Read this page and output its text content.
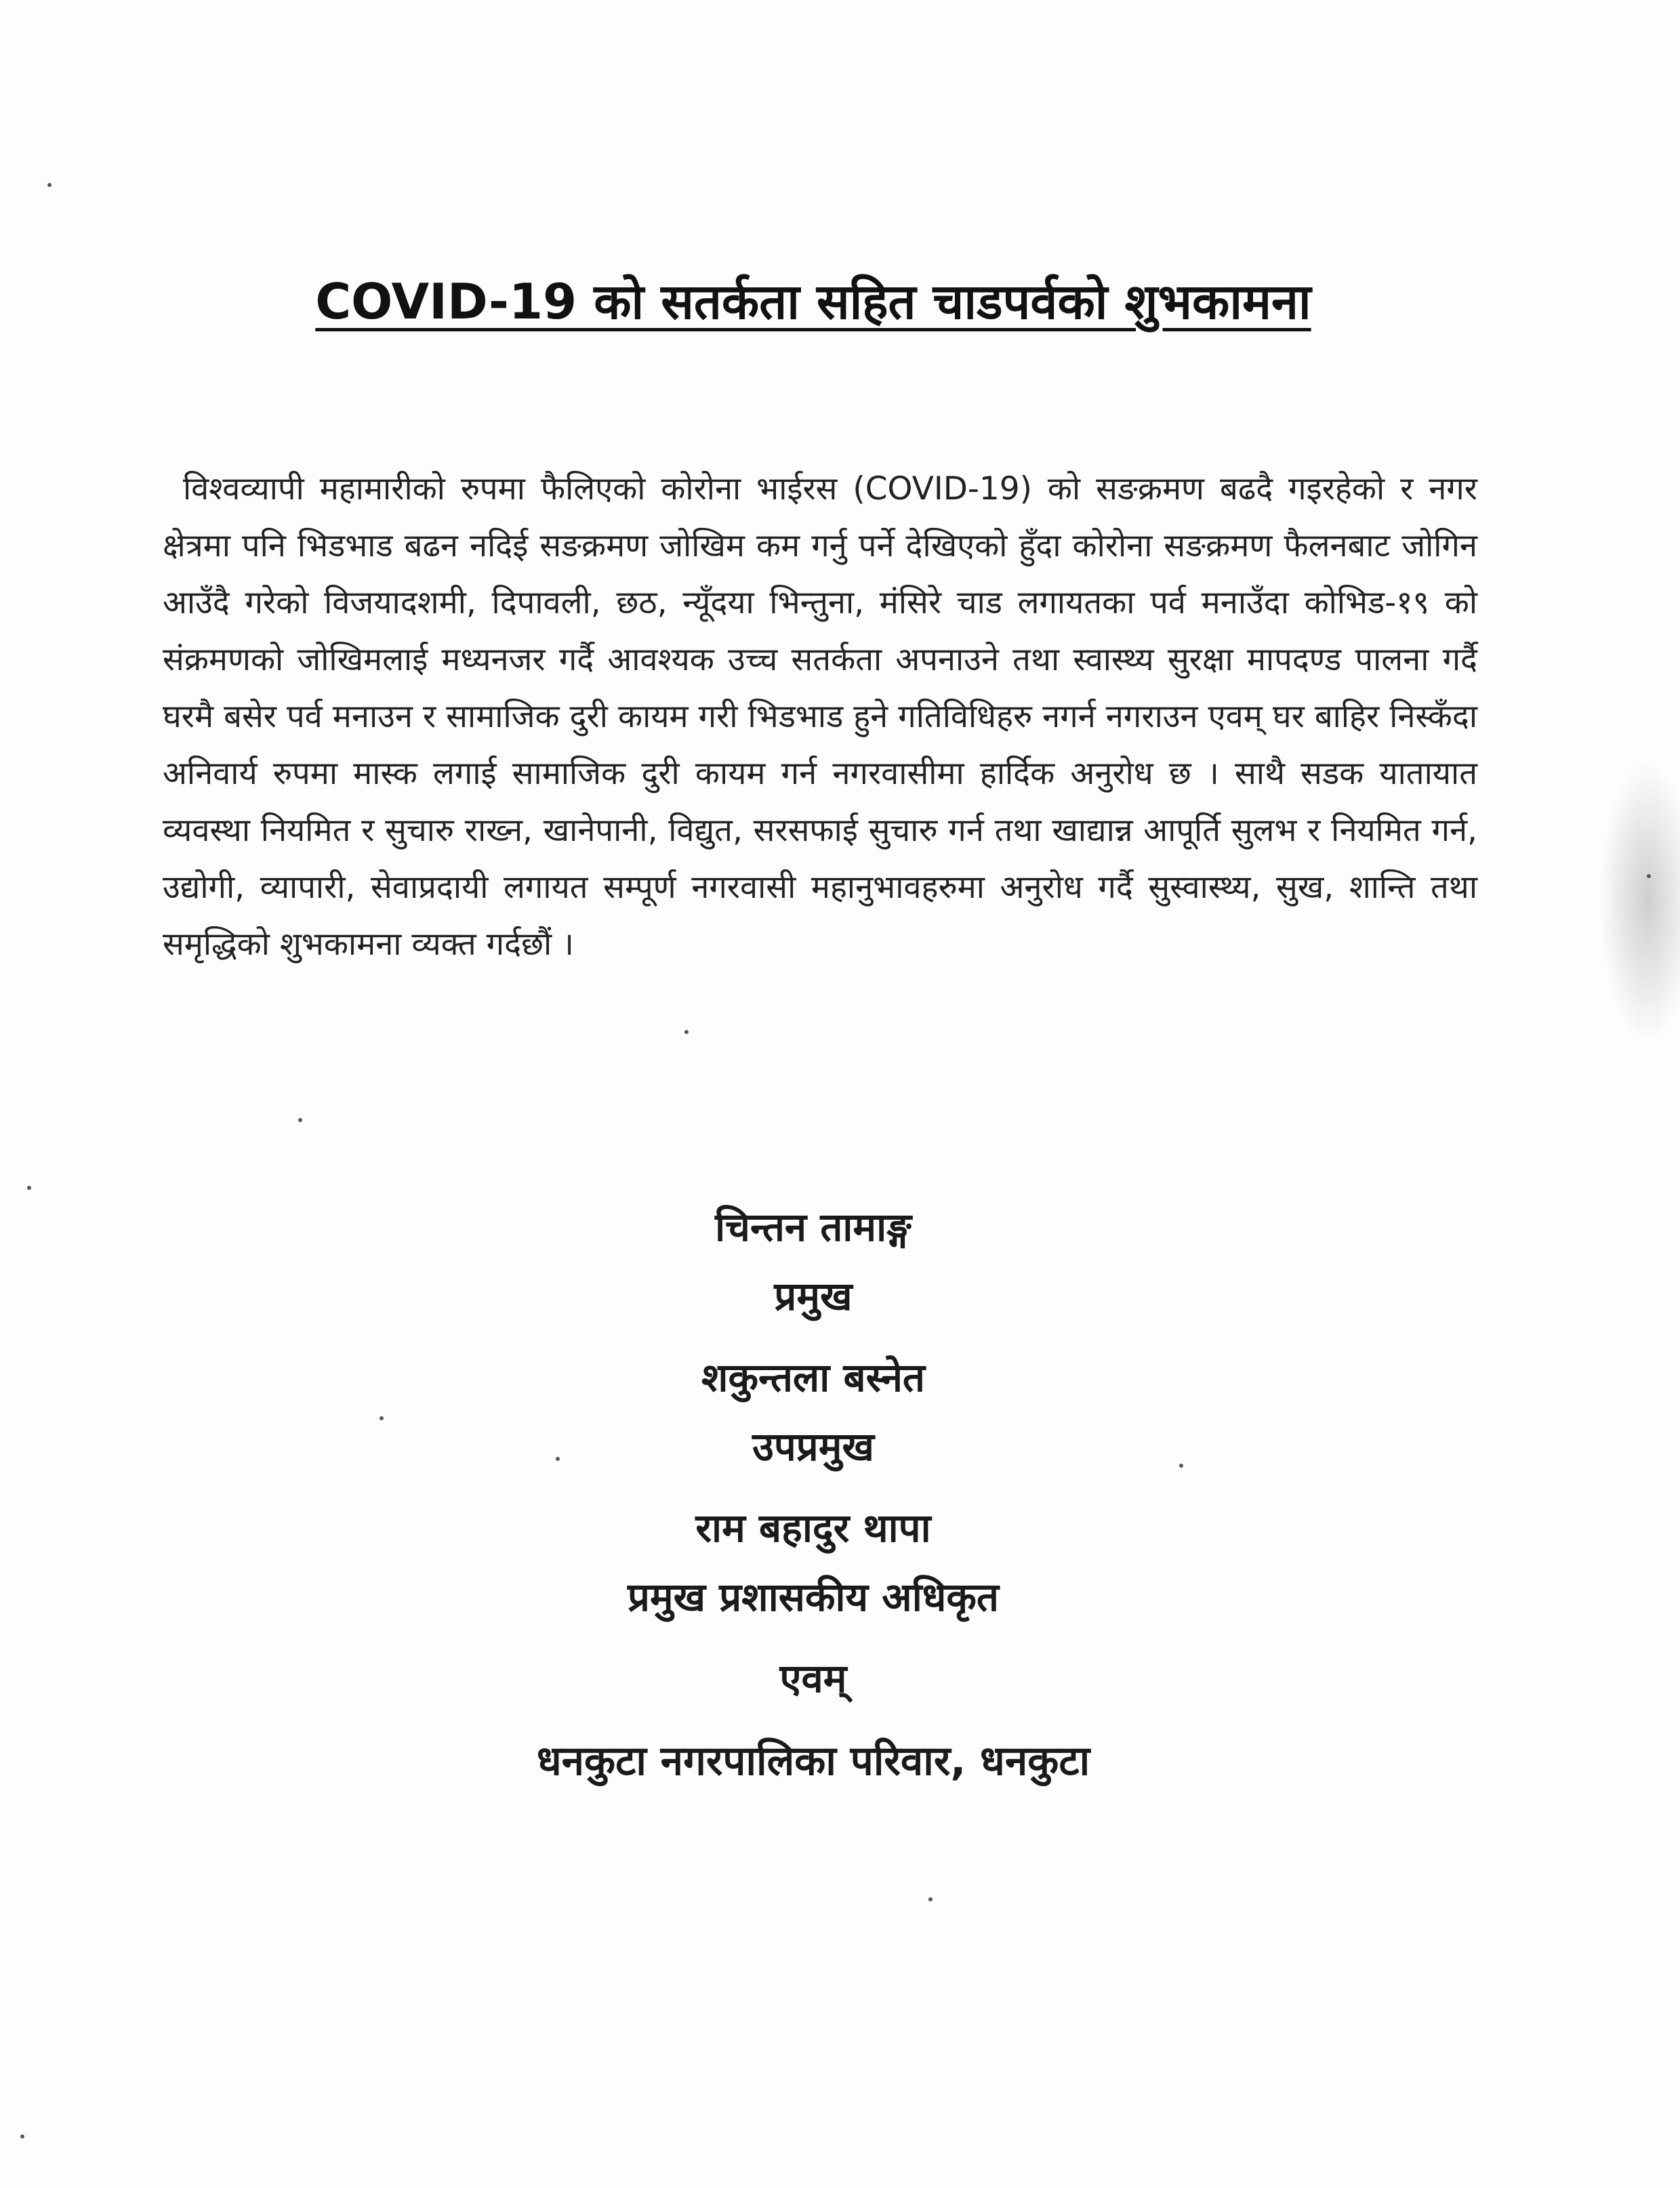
COVID-19 को सतर्कता सहित चाडपर्वको शुभकामना

विश्वव्यापी महामारीको रुपमा फैलिएको कोरोना भाईरस (COVID-19) को सङक्रमण बढदै गइरहेको र नगर क्षेत्रमा पनि भिडभाड बढन नदिई सङक्रमण जोखिम कम गर्नु पर्ने देखिएको हुँदा कोरोना सङक्रमण फैलनबाट जोगिन आउँदै गरेको विजयादशमी, दिपावली, छठ, न्यूँदया भिन्तुना, मंसिरे चाड लगायतका पर्व मनाउँदा कोभिड-१९ को संक्रमणको जोखिमलाई मध्यनजर गर्दै आवश्यक उच्च सतर्कता अपनाउने तथा स्वास्थ्य सुरक्षा मापदण्ड पालना गर्दै घरमै बसेर पर्व मनाउन र सामाजिक दुरी कायम गरी भिडभाड हुने गतिविधिहरु नगर्न नगराउन एवम् घर बाहिर निस्कँदा अनिवार्य रुपमा मास्क लगाई सामाजिक दुरी कायम गर्न नगरवासीमा हार्दिक अनुरोध छ । साथै सडक यातायात व्यवस्था नियमित र सुचारु राख्न, खानेपानी, विद्युत, सरसफाई सुचारु गर्न तथा खाद्यान्न आपूर्ति सुलभ र नियमित गर्न, उद्योगी, व्यापारी, सेवाप्रदायी लगायत सम्पूर्ण नगरवासी महानुभावहरुमा अनुरोध गर्दै सुस्वास्थ्य, सुख, शान्ति तथा समृद्धिको शुभकामना व्यक्त गर्दछौं ।

चिन्तन तामाङ्ग
प्रमुख
शकुन्तला बस्नेत
उपप्रमुख
राम बहादुर थापा
प्रमुख प्रशासकीय अधिकृत
एवम्
धनकुटा नगरपालिका परिवार, धनकुटा
